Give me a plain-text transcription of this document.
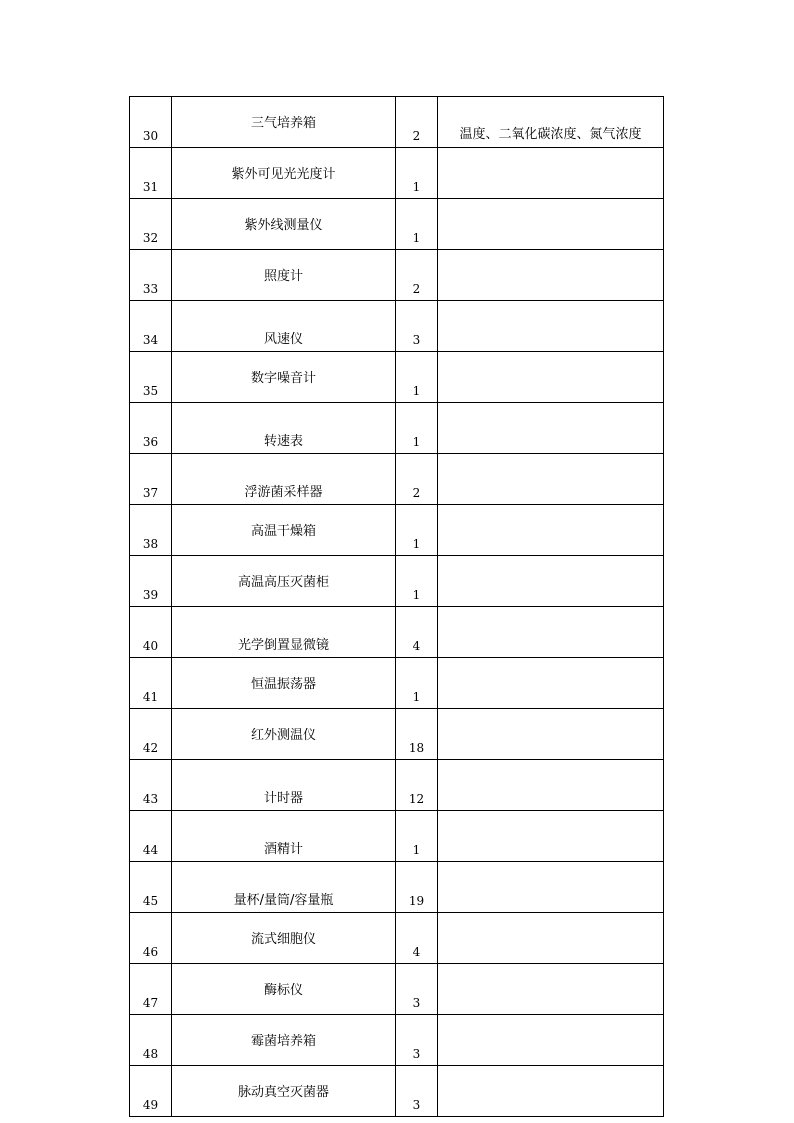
30	三气培养箱	2	温度、二氧化碳浓度、氮气浓度
31	紫外可见光光度计	1	
32	紫外线测量仪	1	
33	照度计	2	
34	风速仪	3	
35	数字噪音计	1	
36	转速表	1	
37	浮游菌采样器	2	
38	高温干燥箱	1	
39	高温高压灭菌柜	1	
40	光学倒置显微镜	4	
41	恒温振荡器	1	
42	红外测温仪	18	
43	计时器	12	
44	酒精计	1	
45	量杯/量筒/容量瓶	19	
46	流式细胞仪	4	
47	酶标仪	3	
48	霉菌培养箱	3	
49	脉动真空灭菌器	3	
